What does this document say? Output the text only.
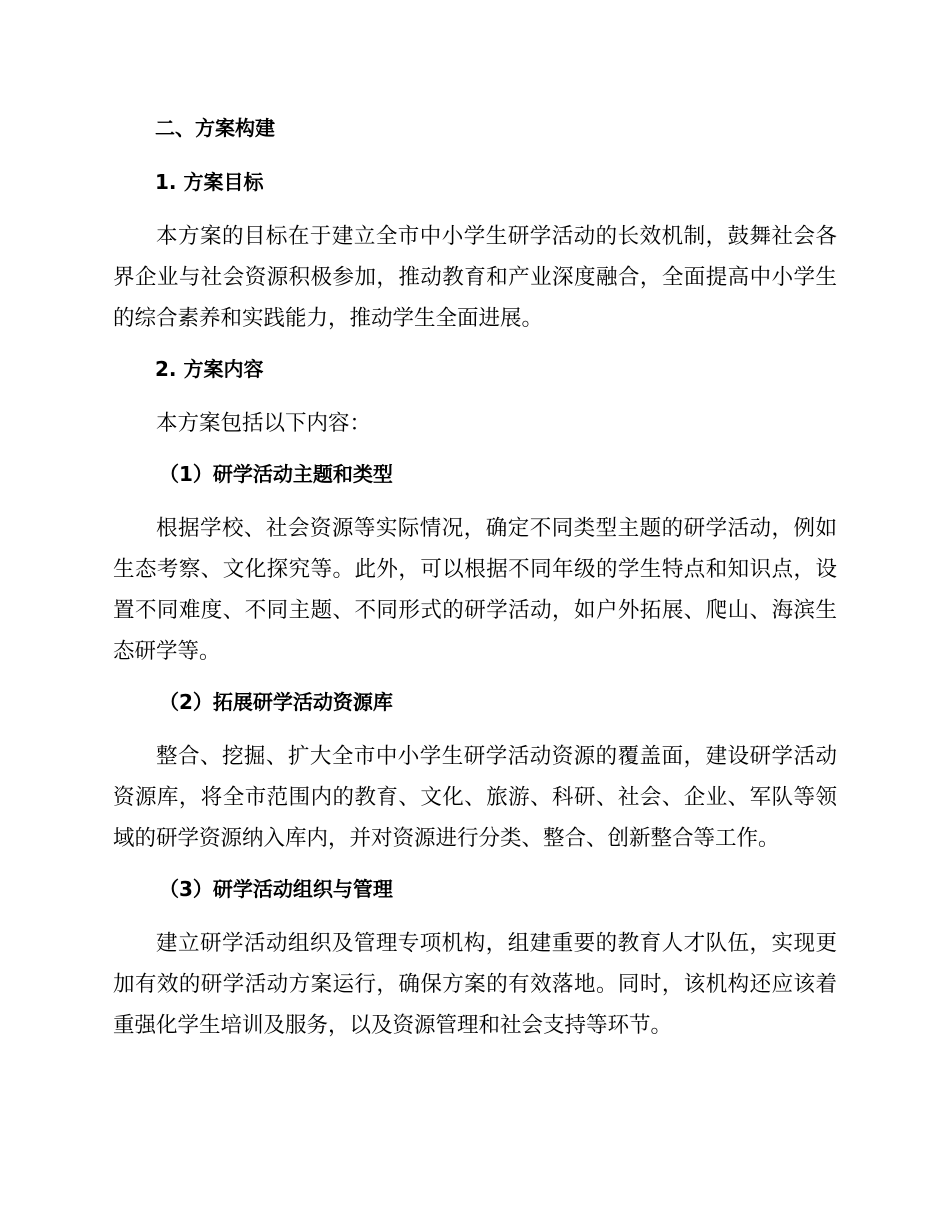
二、方案构建
1. 方案目标

本方案的目标在于建立全市中小学生研学活动的长效机制，鼓舞社会各界企业与社会资源积极参加，推动教育和产业深度融合，全面提高中小学生的综合素养和实践能力，推动学生全面进展。

2. 方案内容

本方案包括以下内容：

（1）研学活动主题和类型

根据学校、社会资源等实际情况，确定不同类型主题的研学活动，例如生态考察、文化探究等。此外，可以根据不同年级的学生特点和知识点，设置不同难度、不同主题、不同形式的研学活动，如户外拓展、爬山、海滨生态研学等。

（2）拓展研学活动资源库

整合、挖掘、扩大全市中小学生研学活动资源的覆盖面，建设研学活动资源库，将全市范围内的教育、文化、旅游、科研、社会、企业、军队等领域的研学资源纳入库内，并对资源进行分类、整合、创新整合等工作。

（3）研学活动组织与管理

建立研学活动组织及管理专项机构，组建重要的教育人才队伍，实现更加有效的研学活动方案运行，确保方案的有效落地。同时，该机构还应该着重强化学生培训及服务，以及资源管理和社会支持等环节。
